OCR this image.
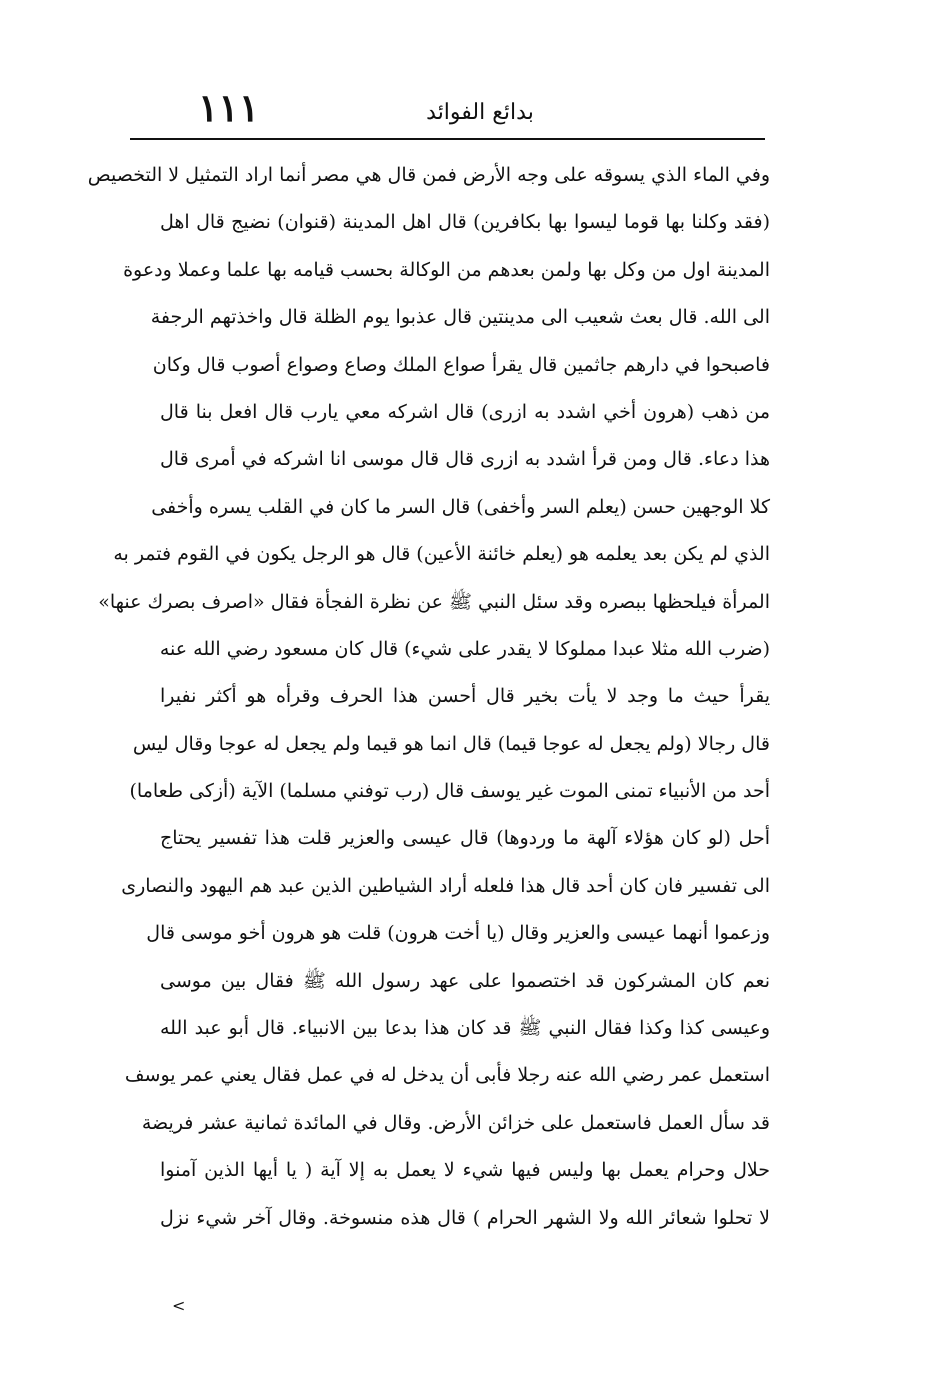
١١١	بدائع الفوائد
وفي الماء الذي يسوقه على وجه الأرض فمن قال هي مصر أنما اراد التمثيل لا التخصيص
(فقد وكلنا بها قوما ليسوا بها بكافرين) قال اهل المدينة (قنوان) نضيج قال اهل
المدينة اول من وكل بها ولمن بعدهم من الوكالة بحسب قيامه بها علما وعملا ودعوة
الى الله. قال بعث شعيب الى مدينتين قال عذبوا يوم الظلة قال واخذتهم الرجفة
فاصبحوا في دارهم جاثمين قال يقرأ صواع الملك وصاع وصواع أصوب قال وكان
من ذهب (هرون أخي اشدد به ازرى) قال اشركه معي يارب قال افعل بنا قال
هذا دعاء. قال ومن قرأ اشدد به ازرى قال قال موسى انا اشركه في أمرى قال
كلا الوجهين حسن (يعلم السر وأخفى) قال السر ما كان في القلب يسره وأخفى
الذي لم يكن بعد يعلمه هو (يعلم خائنة الأعين) قال هو الرجل يكون في القوم فتمر به
المرأة فيلحظها ببصره وقد سئل النبي ﷺ عن نظرة الفجأة فقال «اصرف بصرك عنها»
(ضرب الله مثلا عبدا مملوكا لا يقدر على شيء) قال كان مسعود رضي الله عنه
يقرأ حيث ما وجد لا يأت بخير قال أحسن هذا الحرف وقرأه هو أكثر نفيرا
قال رجالا (ولم يجعل له عوجا قيما) قال انما هو قيما ولم يجعل له عوجا وقال ليس
أحد من الأنبياء تمنى الموت غير يوسف قال (رب توفني مسلما) الآية (أزكى طعاما)
أحل (لو كان هؤلاء آلهة ما وردوها) قال عيسى والعزير قلت هذا تفسير يحتاج
الى تفسير فان كان أحد قال هذا فلعله أراد الشياطين الذين عبد هم اليهود والنصارى
وزعموا أنهما عيسى والعزير وقال (يا أخت هرون) قلت هو هرون أخو موسى قال
نعم كان المشركون قد اختصموا على عهد رسول الله ﷺ فقال بين موسى
وعيسى كذا وكذا فقال النبي ﷺ قد كان هذا بدعا بين الانبياء. قال أبو عبد الله
استعمل عمر رضي الله عنه رجلا فأبى أن يدخل له في عمل فقال يعني عمر يوسف
قد سأل العمل فاستعمل على خزائن الأرض. وقال في المائدة ثمانية عشر فريضة
حلال وحرام يعمل بها وليس فيها شيء لا يعمل به إلا آية ( يا أيها الذين آمنوا
لا تحلوا شعائر الله ولا الشهر الحرام ) قال هذه منسوخة. وقال آخر شيء نزل
<
